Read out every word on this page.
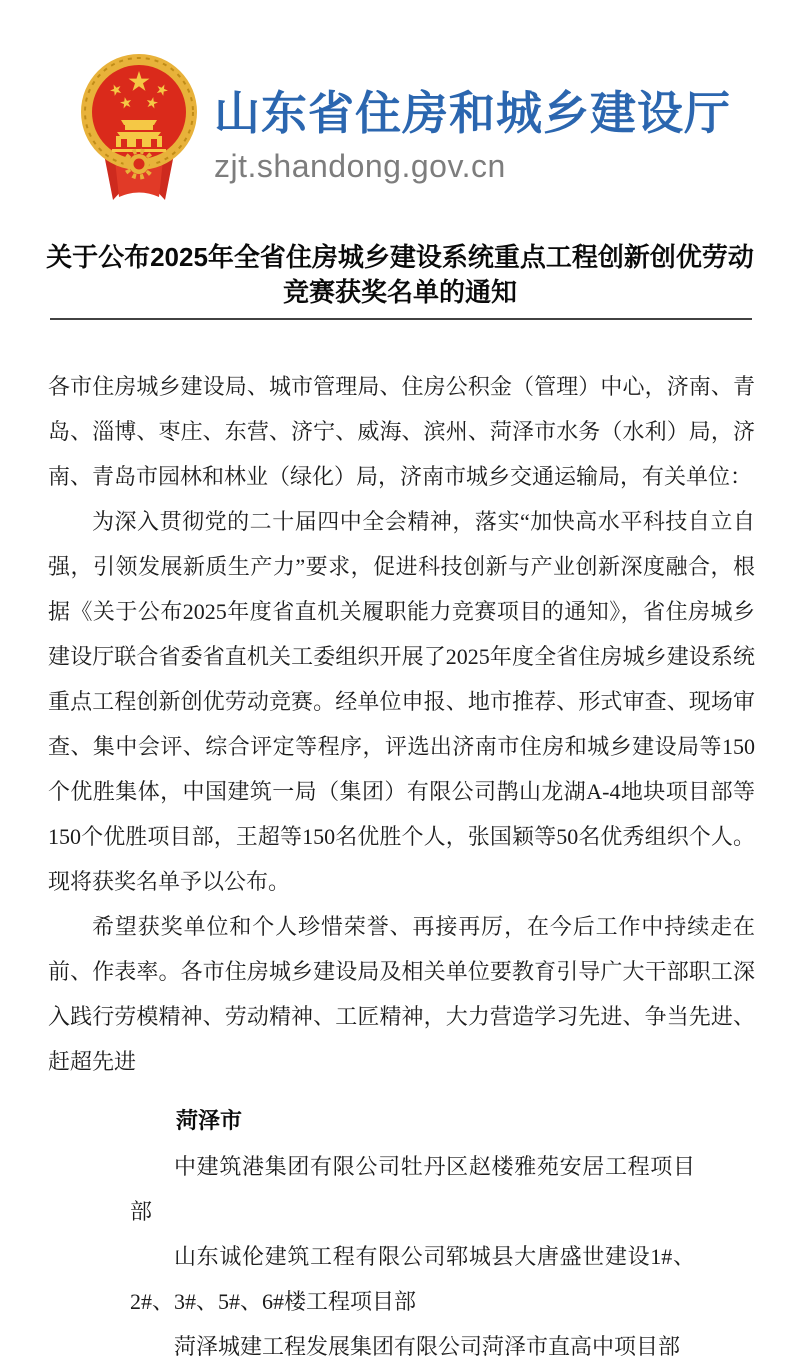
山东省住房和城乡建设厅
zjt.shandong.gov.cn
关于公布2025年全省住房城乡建设系统重点工程创新创优劳动
竞赛获奖名单的通知

各市住房城乡建设局、城市管理局、住房公积金（管理）中心，济南、青岛、淄博、枣庄、东营、济宁、威海、滨州、菏泽市水务（水利）局，济南、青岛市园林和林业（绿化）局，济南市城乡交通运输局，有关单位：

为深入贯彻党的二十届四中全会精神，落实“加快高水平科技自立自强，引领发展新质生产力”要求，促进科技创新与产业创新深度融合，根据《关于公布2025年度省直机关履职能力竞赛项目的通知》，省住房城乡建设厅联合省委省直机关工委组织开展了2025年度全省住房城乡建设系统重点工程创新创优劳动竞赛。经单位申报、地市推荐、形式审查、现场审查、集中会评、综合评定等程序，评选出济南市住房和城乡建设局等150个优胜集体，中国建筑一局（集团）有限公司鹊山龙湖A-4地块项目部等150个优胜项目部，王超等150名优胜个人，张国颖等50名优秀组织个人。现将获奖名单予以公布。

希望获奖单位和个人珍惜荣誉、再接再厉，在今后工作中持续走在前、作表率。各市住房城乡建设局及相关单位要教育引导广大干部职工深入践行劳模精神、劳动精神、工匠精神，大力营造学习先进、争当先进、赶超先进

菏泽市

中建筑港集团有限公司牡丹区赵楼雅苑安居工程项目部

山东诚伦建筑工程有限公司郓城县大唐盛世建设1#、2#、3#、5#、6#楼工程项目部

菏泽城建工程发展集团有限公司菏泽市直高中项目部
